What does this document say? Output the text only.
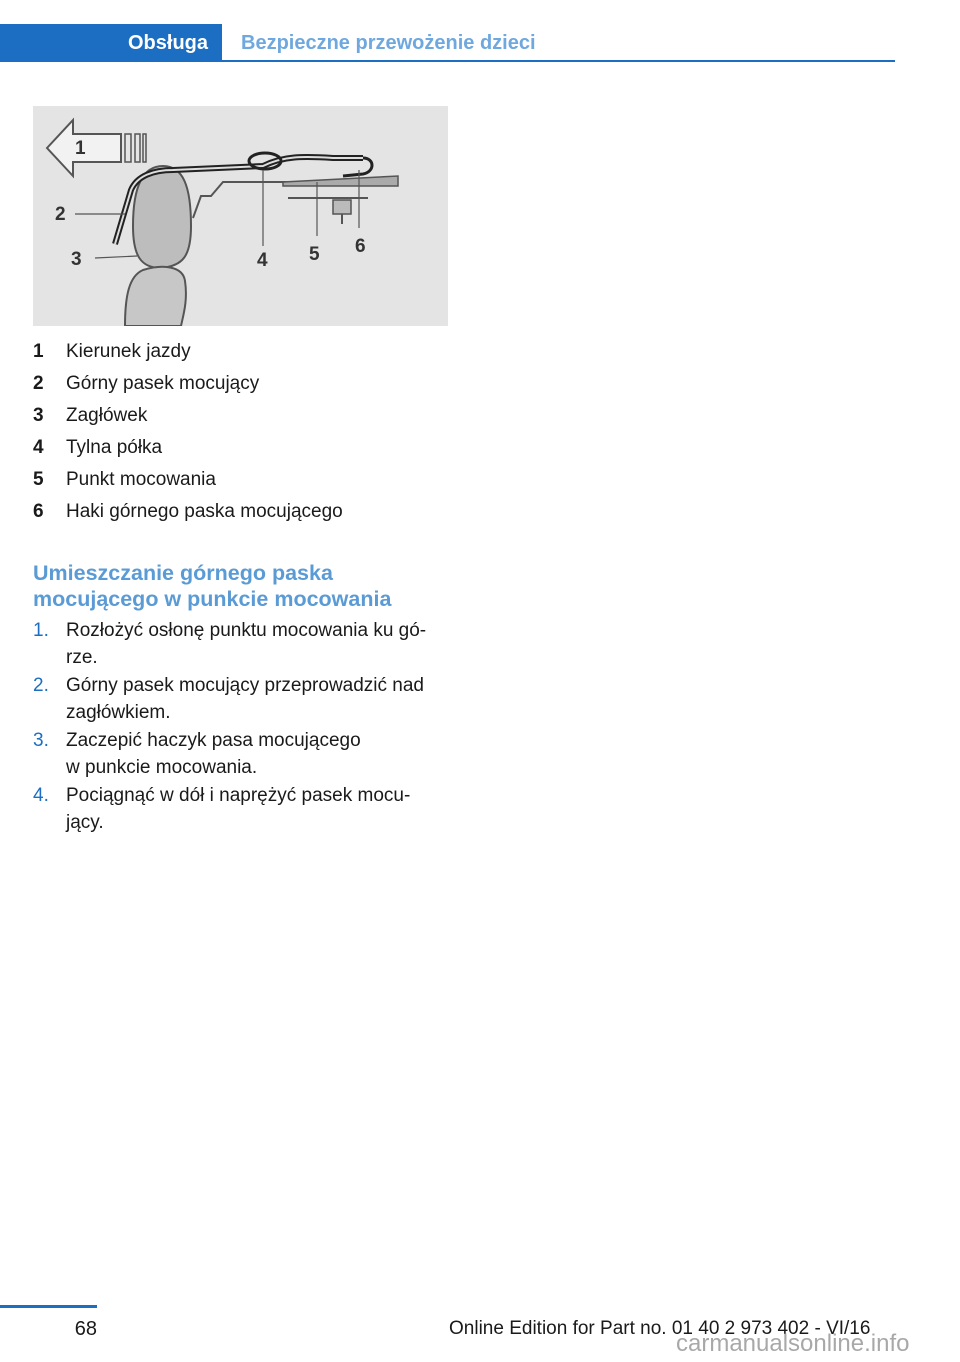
Obsługa Bezpieczne przewożenie dzieci
1
2
3	4 5 6
1	Kierunek jazdy
2	Górny pasek mocujący
3	Zagłówek
4	Tylna półka
5	Punkt mocowania
6	Haki górnego paska mocującego
Umieszczanie górnego paska
mocującego w punkcie mocowania
1. Rozłożyć osłonę punktu mocowania ku gó‐
rze.
2. Górny pasek mocujący przeprowadzić nad
zagłówkiem.
3. Zaczepić haczyk pasa mocującego
w punkcie mocowania.
4. Pociągnąć w dół i naprężyć pasek mocu‐
jący.
68	Online Edition for Part no. 01 40 2 973 402 - VI/16
carmanualsonline.info
